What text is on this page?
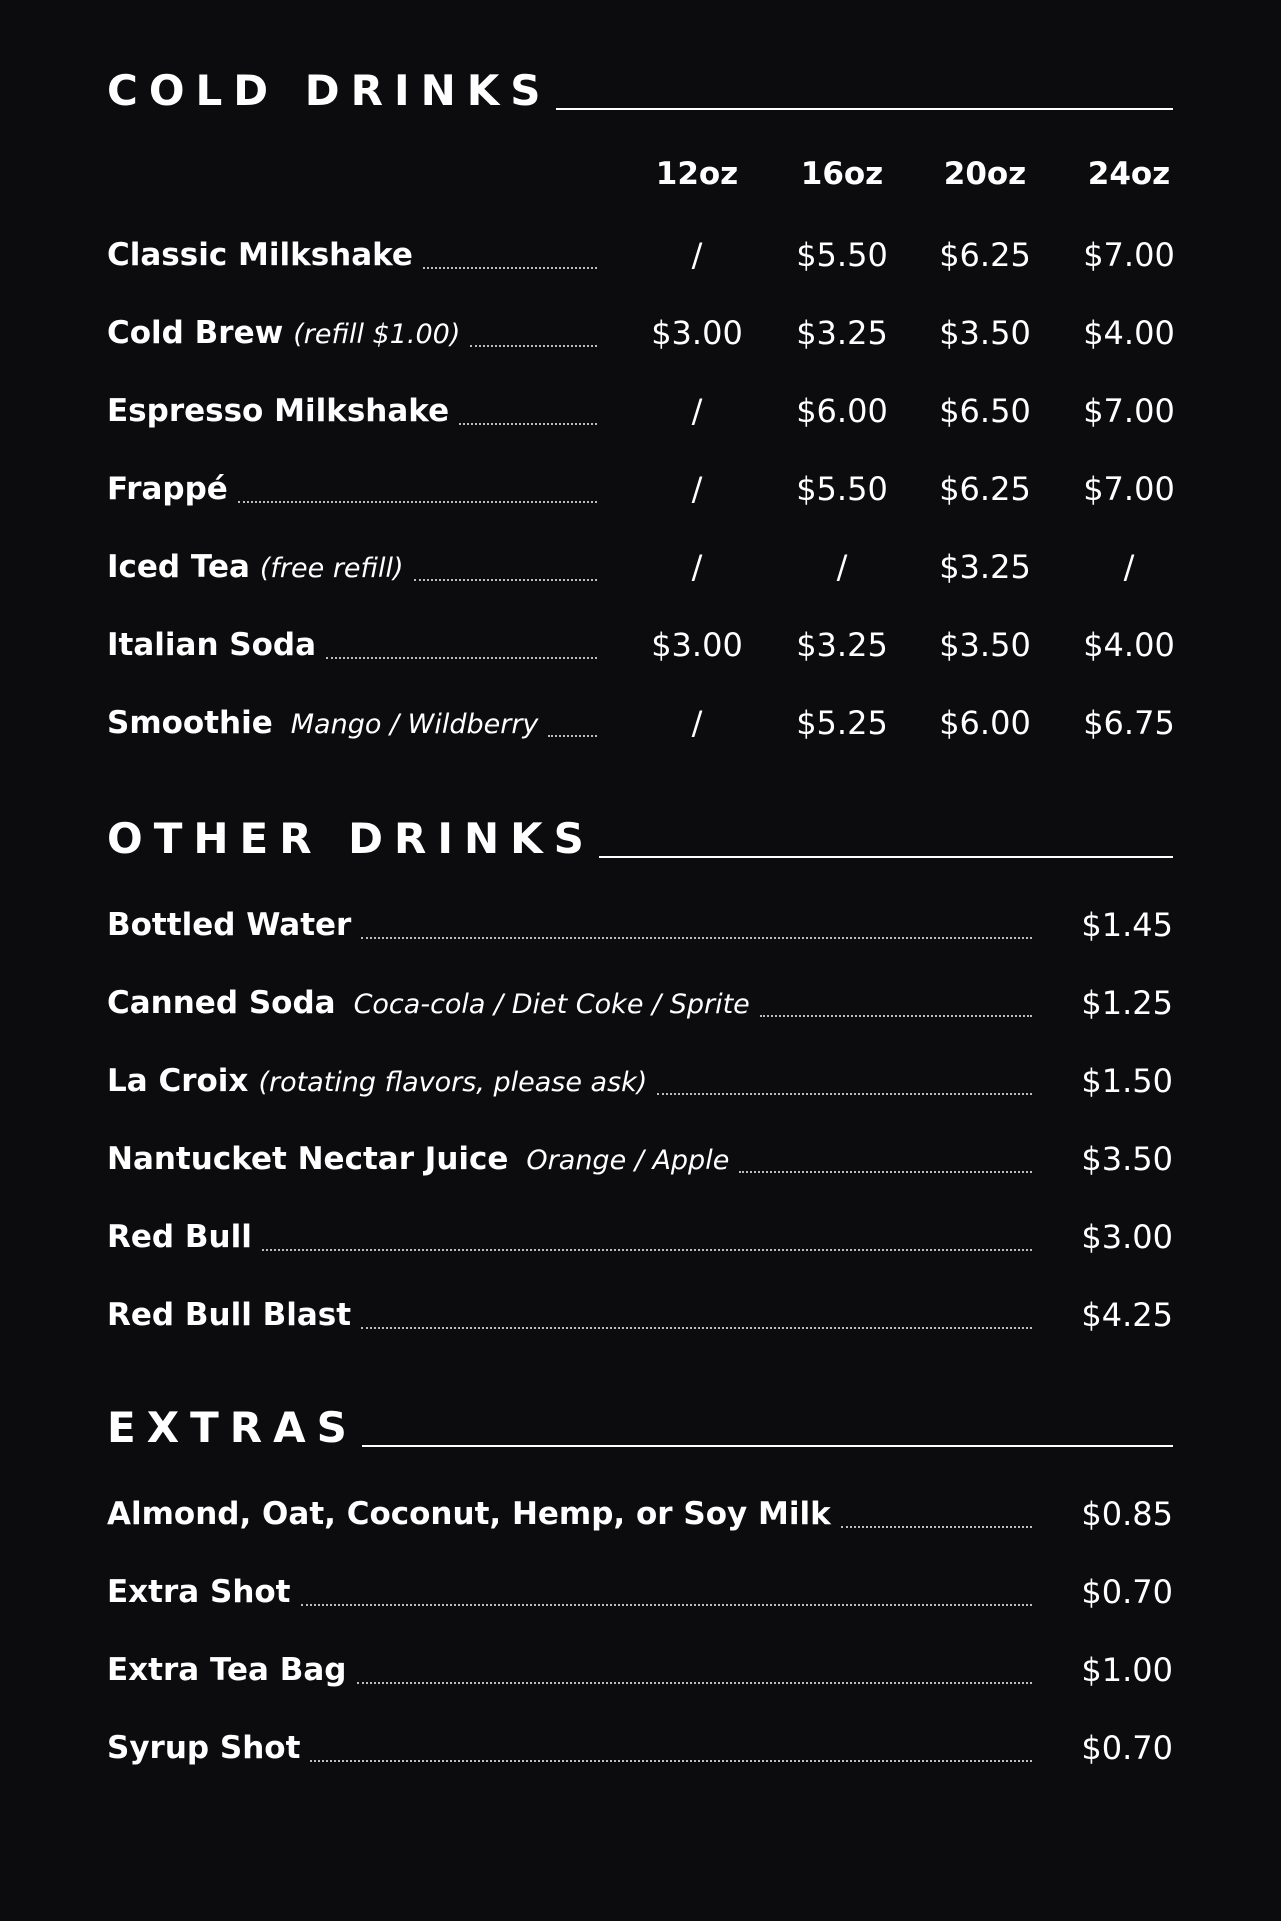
COLD DRINKS
12oz	16oz	20oz	24oz
Classic Milkshake	/	$5.50	$6.25	$7.00
Cold Brew (refill $1.00)	$3.00	$3.25	$3.50	$4.00
Espresso Milkshake	/	$6.00	$6.50	$7.00
Frappé	/	$5.50	$6.25	$7.00
Iced Tea (free refill)	/	/	$3.25	/
Italian Soda	$3.00	$3.25	$3.50	$4.00
Smoothie Mango / Wildberry	/	$5.25	$6.00	$6.75
OTHER DRINKS
Bottled Water	$1.45
Canned Soda Coca-cola / Diet Coke / Sprite	$1.25
La Croix (rotating flavors, please ask)	$1.50
Nantucket Nectar Juice Orange / Apple	$3.50
Red Bull	$3.00
Red Bull Blast	$4.25
EXTRAS
Almond, Oat, Coconut, Hemp, or Soy Milk	$0.85
Extra Shot	$0.70
Extra Tea Bag	$1.00
Syrup Shot	$0.70
